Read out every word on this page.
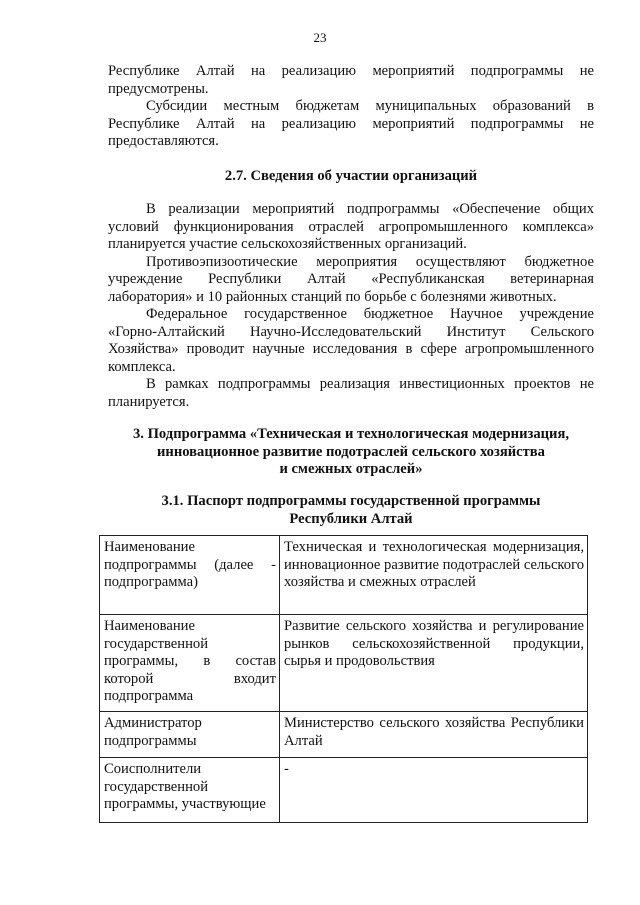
23

Республике Алтай на реализацию мероприятий подпрограммы не предусмотрены.

Субсидии местным бюджетам муниципальных образований в Республике Алтай на реализацию мероприятий подпрограммы не предоставляются.

2.7. Сведения об участии организаций

В реализации мероприятий подпрограммы «Обеспечение общих условий функционирования отраслей агропромышленного комплекса» планируется участие сельскохозяйственных организаций.

Противоэпизоотические мероприятия осуществляют бюджетное учреждение Республики Алтай «Республиканская ветеринарная лаборатория» и 10 районных станций по борьбе с болезнями животных.

Федеральное государственное бюджетное Научное учреждение «Горно-Алтайский Научно-Исследовательский Институт Сельского Хозяйства» проводит научные исследования в сфере агропромышленного комплекса.

В рамках подпрограммы реализация инвестиционных проектов не планируется.

3. Подпрограмма «Техническая и технологическая модернизация,
инновационное развитие подотраслей сельского хозяйства
и смежных отраслей»
3.1. Паспорт подпрограммы государственной программы
Республики Алтай
Наименование подпрограммы (далее - подпрограмма)	Техническая и технологическая модернизация, инновационное развитие подотраслей сельского хозяйства и смежных отраслей
Наименование государственной программы, в состав которой входит подпрограмма	Развитие сельского хозяйства и регулирование рынков сельскохозяйственной продукции, сырья и продовольствия
Администратор подпрограммы	Министерство сельского хозяйства Республики Алтай
Соисполнители государственной программы, участвующие	-
